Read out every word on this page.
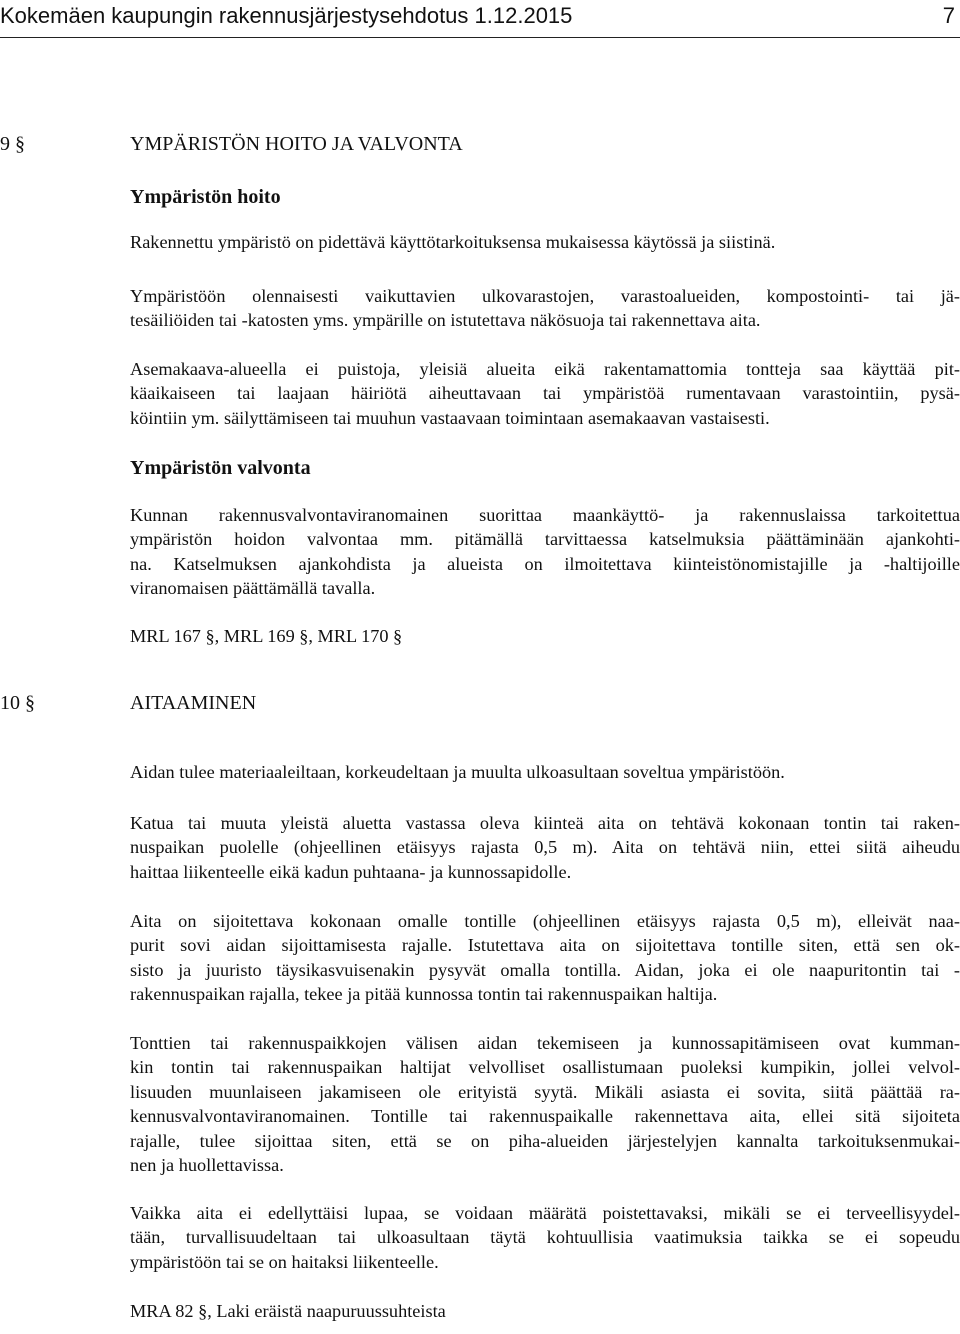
Kokemäen kaupungin rakennusjärjestysehdotus 1.12.2015	7
9 §	YMPÄRISTÖN HOITO JA VALVONTA
Ympäristön hoito
Rakennettu ympäristö on pidettävä käyttötarkoituksensa mukaisessa käytössä ja siistinä.
Ympäristöön olennaisesti vaikuttavien ulkovarastojen, varastoalueiden, kompostointi- tai jä-
tesäiliöiden tai -katosten yms. ympärille on istutettava näkösuoja tai rakennettava aita.
Asemakaava-alueella ei puistoja, yleisiä alueita eikä rakentamattomia tontteja saa käyttää pit-
käaikaiseen tai laajaan häiriötä aiheuttavaan tai ympäristöä rumentavaan varastointiin, pysä-
köintiin ym. säilyttämiseen tai muuhun vastaavaan toimintaan asemakaavan vastaisesti.
Ympäristön valvonta
Kunnan rakennusvalvontaviranomainen suorittaa maankäyttö- ja rakennuslaissa tarkoitettua
ympäristön hoidon valvontaa mm. pitämällä tarvittaessa katselmuksia päättäminään ajankohti-
na. Katselmuksen ajankohdista ja alueista on ilmoitettava kiinteistönomistajille ja -haltijoille
viranomaisen päättämällä tavalla.
MRL 167 §, MRL 169 §, MRL 170 §
10 §	AITAAMINEN
Aidan tulee materiaaleiltaan, korkeudeltaan ja muulta ulkoasultaan soveltua ympäristöön.
Katua tai muuta yleistä aluetta vastassa oleva kiinteä aita on tehtävä kokonaan tontin tai raken-
nuspaikan puolelle (ohjeellinen etäisyys rajasta 0,5 m). Aita on tehtävä niin, ettei siitä aiheudu
haittaa liikenteelle eikä kadun puhtaana- ja kunnossapidolle.
Aita on sijoitettava kokonaan omalle tontille (ohjeellinen etäisyys rajasta 0,5 m), elleivät naa-
purit sovi aidan sijoittamisesta rajalle. Istutettava aita on sijoitettava tontille siten, että sen ok-
sisto ja juuristo täysikasvuisenakin pysyvät omalla tontilla. Aidan, joka ei ole naapuritontin tai -
rakennuspaikan rajalla, tekee ja pitää kunnossa tontin tai rakennuspaikan haltija.
Tonttien tai rakennuspaikkojen välisen aidan tekemiseen ja kunnossapitämiseen ovat kumman-
kin tontin tai rakennuspaikan haltijat velvolliset osallistumaan puoleksi kumpikin, jollei velvol-
lisuuden muunlaiseen jakamiseen ole erityistä syytä. Mikäli asiasta ei sovita, siitä päättää ra-
kennusvalvontaviranomainen. Tontille tai rakennuspaikalle rakennettava aita, ellei sitä sijoiteta
rajalle, tulee sijoittaa siten, että se on piha-alueiden järjestelyjen kannalta tarkoituksenmukai-
nen ja huollettavissa.
Vaikka aita ei edellyttäisi lupaa, se voidaan määrätä poistettavaksi, mikäli se ei terveellisyydel-
tään, turvallisuudeltaan tai ulkoasultaan täytä kohtuullisia vaatimuksia taikka se ei sopeudu
ympäristöön tai se on haitaksi liikenteelle.
MRA 82 §, Laki eräistä naapuruussuhteista
